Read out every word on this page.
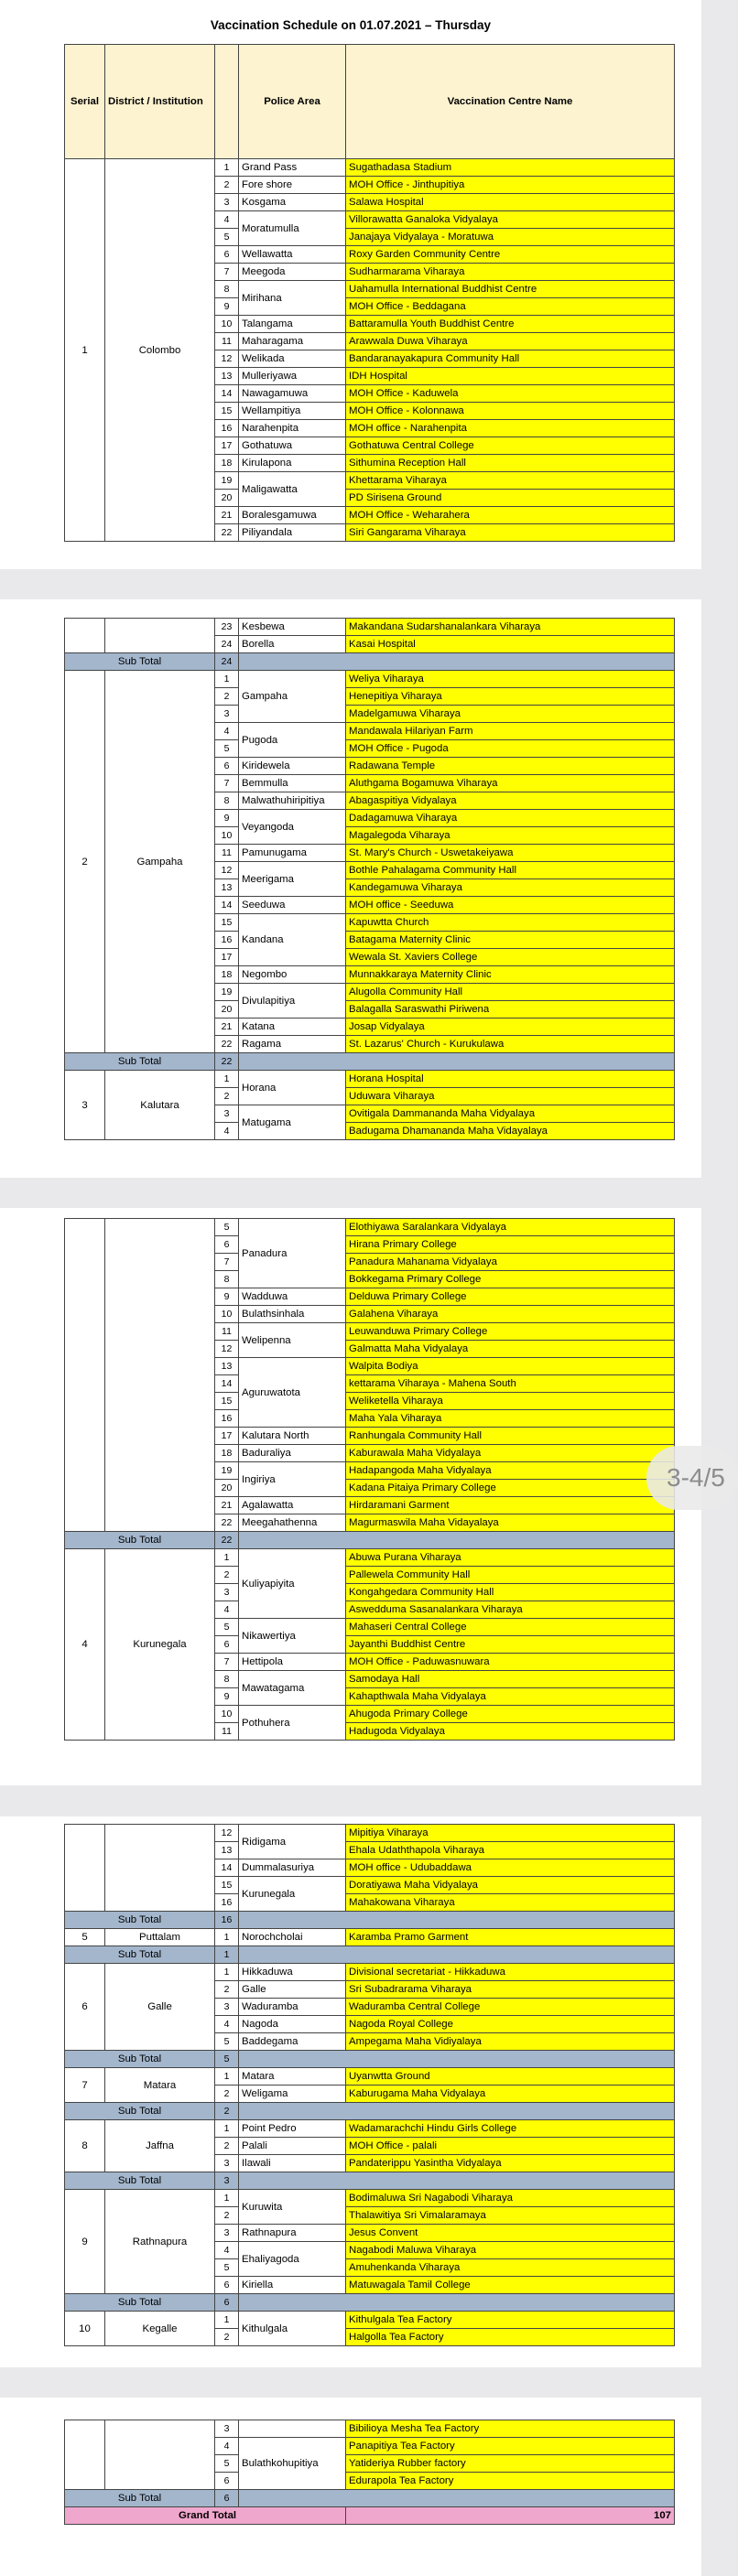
Vaccination Schedule on 01.07.2021 – Thursday
Serial	District / Institution		Police Area	Vaccination Centre Name
1	Colombo	1	Grand Pass	Sugathadasa Stadium
		2	Fore shore	MOH Office - Jinthupitiya
		3	Kosgama	Salawa Hospital
		4	Moratumulla	Villorawatta Ganaloka Vidyalaya
		5		Janajaya Vidyalaya - Moratuwa
		6	Wellawatta	Roxy Garden Community Centre
		7	Meegoda	Sudharmarama Viharaya
		8	Mirihana	Uahamulla International Buddhist Centre
		9		MOH Office - Beddagana
		10	Talangama	Battaramulla Youth Buddhist Centre
		11	Maharagama	Arawwala Duwa Viharaya
		12	Welikada	Bandaranayakapura Community Hall
		13	Mulleriyawa	IDH Hospital
		14	Nawagamuwa	MOH Office - Kaduwela
		15	Wellampitiya	MOH Office - Kolonnawa
		16	Narahenpita	MOH office - Narahenpita
		17	Gothatuwa	Gothatuwa Central College
		18	Kirulapona	Sithumina Reception Hall
		19	Maligawatta	Khettarama Viharaya
		20		PD Sirisena Ground
		21	Boralesgamuwa	MOH Office - Weharahera
		22	Piliyandala	Siri Gangarama Viharaya
		23	Kesbewa	Makandana Sudarshanalankara Viharaya
		24	Borella	Kasai Hospital
Sub Total		24		
2	Gampaha	1	Gampaha	Weliya Viharaya
		2		Henepitiya Viharaya
		3		Madelgamuwa Viharaya
		4	Pugoda	Mandawala Hilariyan Farm
		5		MOH Office - Pugoda
		6	Kiridewela	Radawana Temple
		7	Bemmulla	Aluthgama Bogamuwa Viharaya
		8	Malwathuhiripitiya	Abagaspitiya Vidyalaya
		9	Veyangoda	Dadagamuwa Viharaya
		10		Magalegoda Viharaya
		11	Pamunugama	St. Mary's Church - Uswetakeiyawa
		12	Meerigama	Bothle Pahalagama Community Hall
		13		Kandegamuwa Viharaya
		14	Seeduwa	MOH office - Seeduwa
		15	Kandana	Kapuwtta Church
		16		Batagama Maternity Clinic
		17		Wewala St. Xaviers College
		18	Negombo	Munnakkaraya Maternity Clinic
		19	Divulapitiya	Alugolla Community Hall
		20		Balagalla Saraswathi Piriwena
		21	Katana	Josap Vidyalaya
		22	Ragama	St. Lazarus' Church - Kurukulawa
Sub Total		22		
3	Kalutara	1	Horana	Horana Hospital
		2		Uduwara Viharaya
		3	Matugama	Ovitigala Dammananda Maha Vidyalaya
		4		Badugama Dhamananda Maha Vidayalaya
		5	Panadura	Elothiyawa Saralankara Vidyalaya
		6		Hirana Primary College
		7		Panadura Mahanama Vidyalaya
		8		Bokkegama Primary College
		9	Wadduwa	Delduwa Primary College
		10	Bulathsinhala	Galahena Viharaya
		11	Welipenna	Leuwanduwa Primary College
		12		Galmatta Maha Vidyalaya
		13	Aguruwatota	Walpita Bodiya
		14		kettarama Viharaya - Mahena South
		15		Weliketella Viharaya
		16		Maha Yala Viharaya
		17	Kalutara North	Ranhungala Community Hall
		18	Baduraliya	Kaburawala Maha Vidyalaya
		19	Ingiriya	Hadapangoda Maha Vidyalaya
		20		Kadana Pitaiya Primary College
		21	Agalawatta	Hirdaramani Garment
		22	Meegahathenna	Magurmaswila Maha Vidayalaya
Sub Total		22		
4	Kurunegala	1	Kuliyapiyita	Abuwa Purana Viharaya
		2		Pallewela Community Hall
		3		Kongahgedara Community Hall
		4		Asweddumа Sasanalankara Viharaya
		5	Nikawertiya	Mahaseri Central College
		6		Jayanthi Buddhist Centre
		7	Hettipola	MOH Office - Paduwasnuwara
		8	Mawatagama	Samodaya Hall
		9		Kahapthwala Maha Vidyalaya
		10	Pothuhera	Ahugoda Primary College
		11		Hadugoda Vidyalaya
		12	Ridigama	Mipitiya Viharaya
		13		Ehala Udaththapola Viharaya
		14	Dummalasuriya	MOH office - Udubaddawa
		15	Kurunegala	Doratiyawa Maha Vidyalaya
		16		Mahakowana Viharaya
Sub Total		16		
5	Puttalam	1	Norochcholai	Karamba Pramo Garment
Sub Total		1		
6	Galle	1	Hikkaduwa	Divisional secretariat - Hikkaduwa
		2	Galle	Sri Subadrarama Viharaya
		3	Waduramba	Waduramba Central College
		4	Nagoda	Nagoda Royal College
		5	Baddegama	Ampegama Maha Vidiyalaya
Sub Total		5		
7	Matara	1	Matara	Uyanwtta Ground
		2	Weligama	Kaburugama Maha Vidyalaya
Sub Total		2		
8	Jaffna	1	Point Pedro	Wadamarachchi Hindu Girls College
		2	Palali	MOH Office - palali
		3	Ilawali	Pandaterippu Yasintha Vidyalaya
Sub Total		3		
9	Rathnapura	1	Kuruwita	Bodimaluwa Sri Nagabodi Viharaya
		2		Thalawitiya Sri Vimalaramaya
		3	Rathnapura	Jesus Convent
		4	Ehaliyagoda	Nagabodi Maluwa Viharaya
		5		Amuhenkanda Viharaya
		6	Kiriella	Matuwagala Tamil College
Sub Total		6		
10	Kegalle	1	Kithulgala	Kithulgala Tea Factory
		2		Halgolla Tea Factory
		3		Bibiliоya Mesha Tea Factory
		4	Bulathkohupitiya	Panapitiya Tea Factory
		5		Yatideriya Rubber factory
		6		Edurapola Tea Factory
Sub Total		6		
Grand Total				107
3-4/5
